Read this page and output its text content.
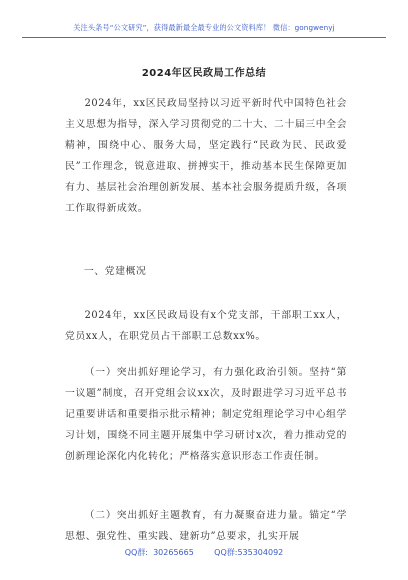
关注头条号“公文研究”，获得最新最全最专业的公文资料库！ 微信：gongwenyj
2024年区民政局工作总结

2024年，xx区民政局坚持以习近平新时代中国特色社会主义思想为指导，深入学习贯彻党的二十大、二十届三中全会精神，围绕中心、服务大局，坚定践行“民政为民、民政爱民”工作理念，锐意进取、拼搏实干，推动基本民生保障更加有力、基层社会治理创新发展、基本社会服务提质升级，各项工作取得新成效。

一、党建概况

2024年，xx区民政局设有x个党支部，干部职工xx人，党员xx人，在职党员占干部职工总数xx%。

（一）突出抓好理论学习，有力强化政治引领。坚持“第一议题”制度，召开党组会议xx次，及时跟进学习习近平总书记重要讲话和重要指示批示精神；制定党组理论学习中心组学习计划，围绕不同主题开展集中学习研讨x次，着力推动党的创新理论深化内化转化；严格落实意识形态工作责任制。

（二）突出抓好主题教育，有力凝聚奋进力量。锚定“学思想、强党性、重实践、建新功”总要求，扎实开展

QQ群:  30265665        QQ群:535304092
